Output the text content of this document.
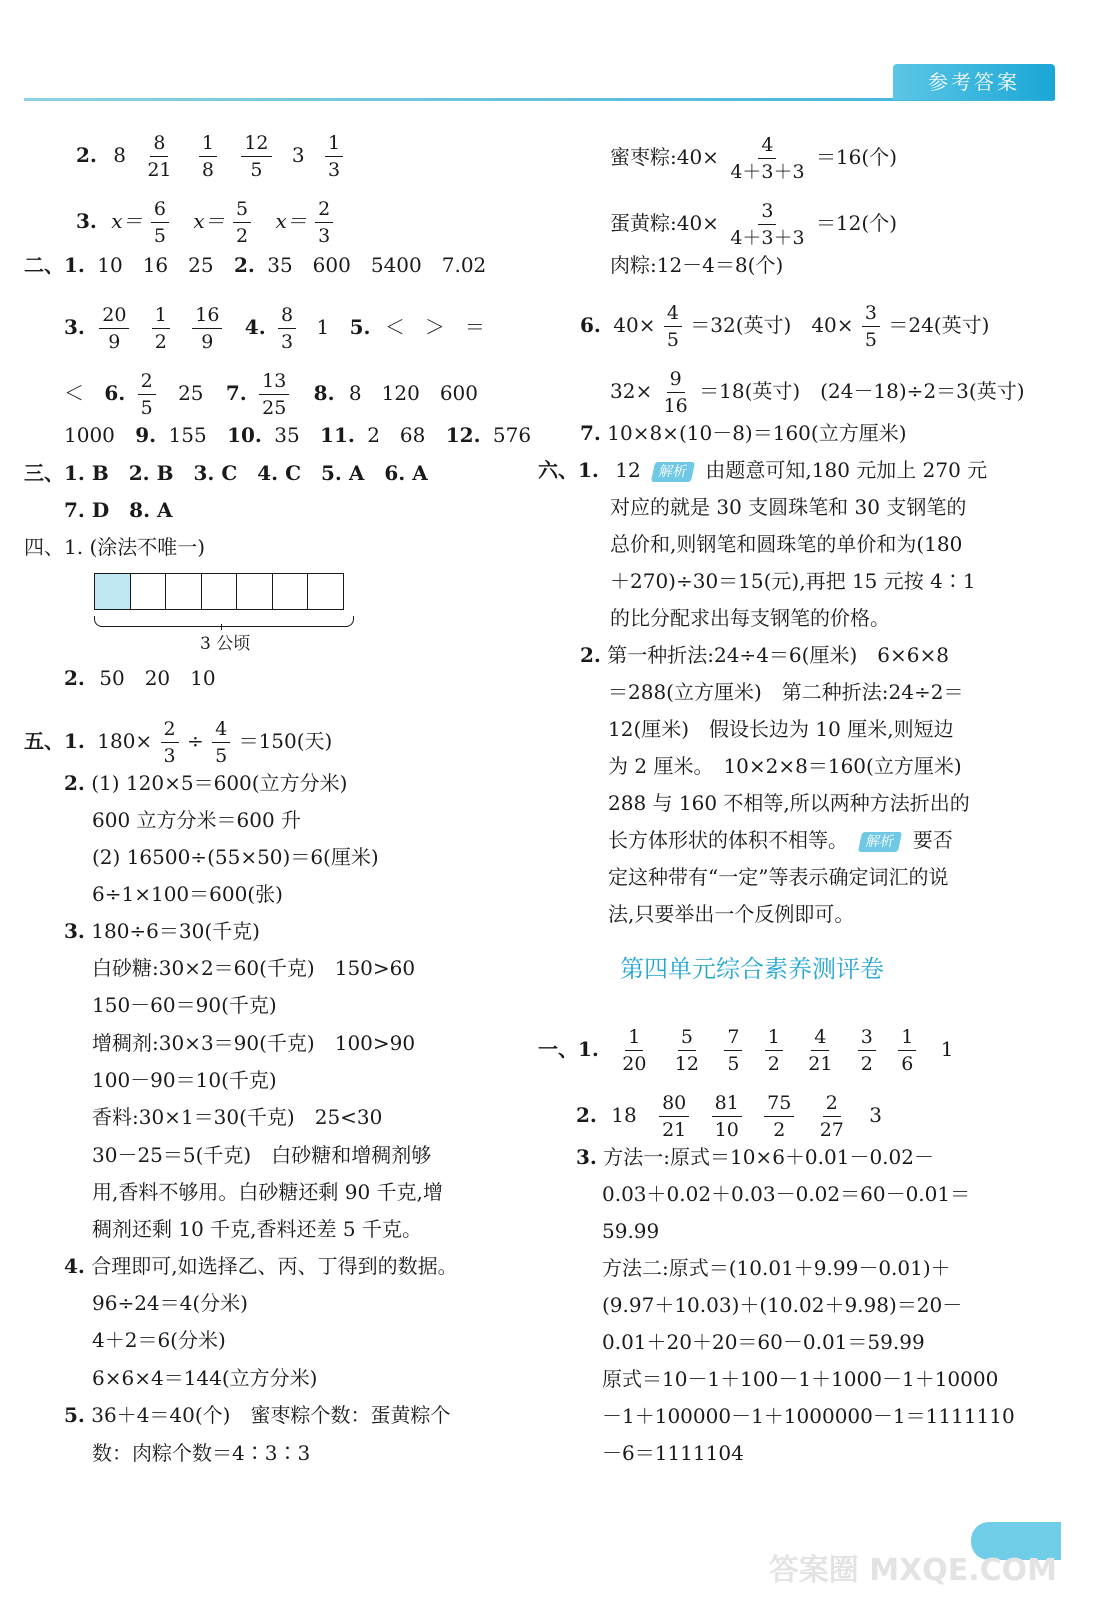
参考答案
2. $8 \frac{8}{21}$
$\frac{1}{8}$
$\frac{12}{5} 3 \frac{1}{3}$
3. $x= \frac{6}{5} x= \frac{5}{2} x= \frac{2}{3}$
二、1. 10　16　25 2. 35　600　5400　7.02
3. $\frac{20}{9}$
$\frac{1}{2}$
$\frac{16}{9} 4$. $\frac{8}{3} 1$ 5. ＜　＞　＝
＜ 6. $\frac{2}{5} 25$ 7. $\frac{13}{25} 8$. 8　120　600
1000 9. 155 10. 35 11. 2　68 12. 576
三、1. B　2. B　3. C　4. C　5. A　6. A
7. D　8. A
四、1. (涂法不唯一)
3 公顷
2. 50　20　10
五、1. $180\times \frac{2}{3} \div \frac{4}{5} =150$(天)
2. (1) 120×5＝600(立方分米)
600 立方分米＝600 升
(2) 16500÷(55×50)＝6(厘米)
6÷1×100＝600(张)
3. 180÷6＝30(千克)
白砂糖:30×2＝60(千克)　150>60
150－60＝90(千克)
增稠剂:30×3＝90(千克)　100>90
100－90＝10(千克)
香料:30×1＝30(千克)　25<30
30－25＝5(千克)　白砂糖和增稠剂够
用,香料不够用。白砂糖还剩 90 千克,增
稠剂还剩 10 千克,香料还差 5 千克。
4. 合理即可,如选择乙、丙、丁得到的数据。
96÷24＝4(分米)
4＋2＝6(分米)
6×6×4＝144(立方分米)
5. 36＋4＝40(个)　蜜枣粽个数：蛋黄粽个
数：肉粽个数＝4∶3∶3
蜜枣粽:40× $\frac{4}{4+3+3} =16$(个)
蛋黄粽:40× $\frac{3}{4+3+3} =12$(个)
肉粽:12－4＝8(个)
6. $40\times \frac{4}{5} =32$(英寸)　$40\times \frac{3}{5} =24$(英寸)
$32\times \frac{9}{16} =18$(英寸)　(24－18)÷2＝3(英寸)
7. 10×8×(10－8)＝160(立方厘米)
六、1. 12 解析 由题意可知,180 元加上 270 元
对应的就是 30 支圆珠笔和 30 支钢笔的
总价和,则钢笔和圆珠笔的单价和为(180
＋270)÷30＝15(元),再把 15 元按 4∶1
的比分配求出每支钢笔的价格。
2. 第一种折法:24÷4＝6(厘米)　6×6×8
＝288(立方厘米)　第二种折法:24÷2＝
12(厘米)　假设长边为 10 厘米,则短边
为 2 厘米。　10×2×8＝160(立方厘米)
288 与 160 不相等,所以两种方法折出的
长方体形状的体积不相等。 解析 要否
定这种带有“一定”等表示确定词汇的说
法,只要举出一个反例即可。
第四单元综合素养测评卷
一、1. $\frac{1}{20}$
$\frac{5}{12}$
$\frac{7}{5}$
$\frac{1}{2}$
$\frac{4}{21}$
$\frac{3}{2}$
$\frac{1}{6} 1$
2. $18 \frac{80}{21}$
$\frac{81}{10}$
$\frac{75}{2}$
$\frac{2}{27} 3$
3. 方法一:原式＝10×6＋0.01－0.02－
0.03＋0.02＋0.03－0.02＝60－0.01＝
59.99
方法二:原式＝(10.01＋9.99－0.01)＋
(9.97＋10.03)＋(10.02＋9.98)＝20－
0.01＋20＋20＝60－0.01＝59.99
原式＝10－1＋100－1＋1000－1＋10000
－1＋100000－1＋1000000－1＝1111110
－6＝1111104
答案圈 MXQE.COM
